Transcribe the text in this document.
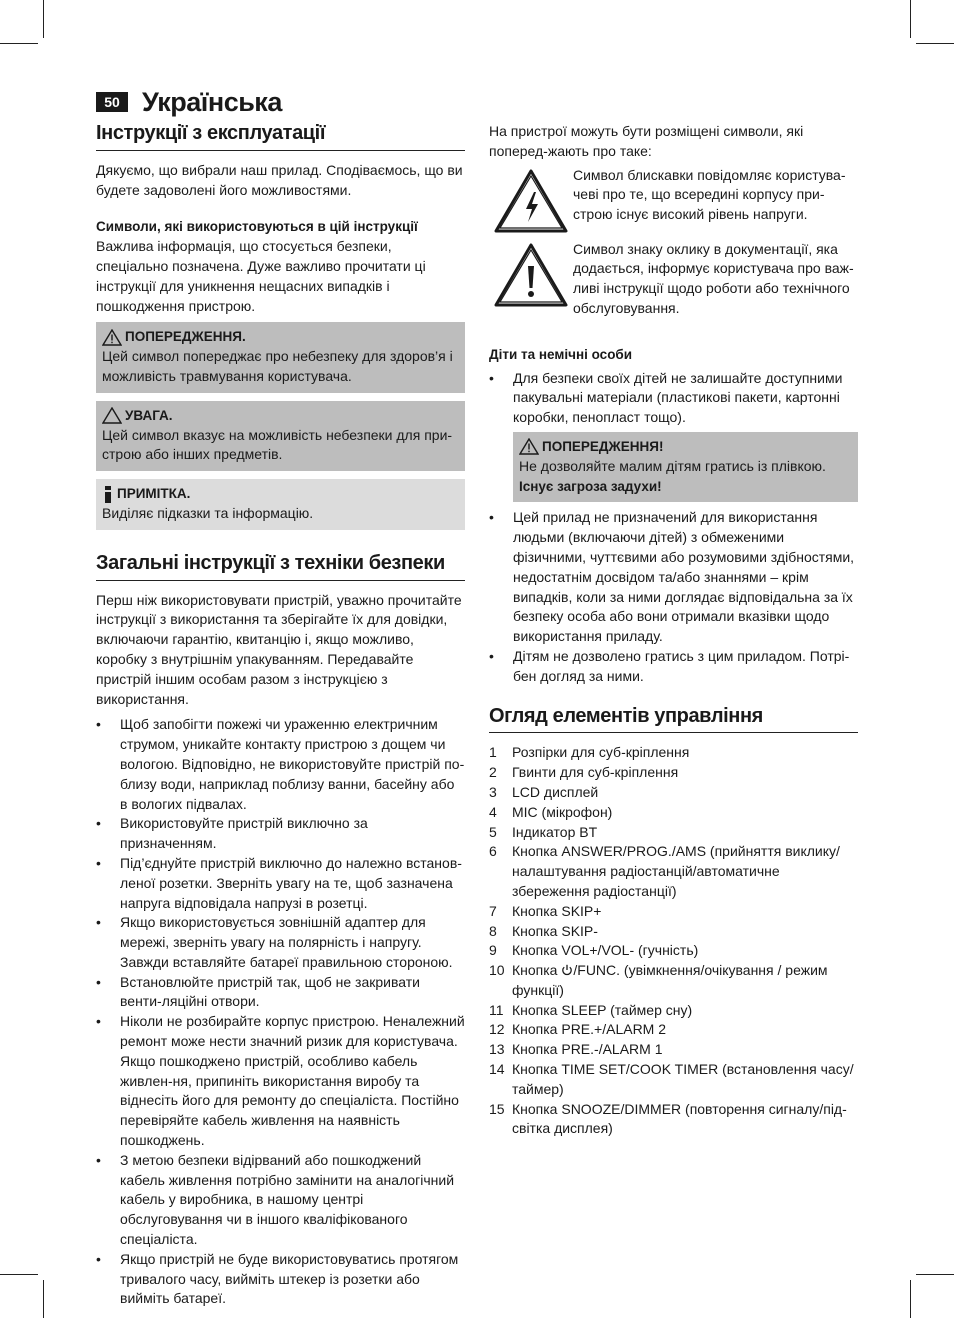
50 Українська
Інструкції з експлуатації

Дякуємо, що вибрали наш прилад. Сподіваємось, що ви будете задоволені його можливостями.

Символи, які використовуються в цій інструкції

Важлива інформація, що стосується безпеки, спеціально позначена. Дуже важливо прочитати ці інструкції для уникнення нещасних випадків і пошкодження пристрою.

ПОПЕРЕДЖЕННЯ.

Цей символ попереджає про небезпеку для здоров’я і можливість травмування користувача.

УВАГА.

Цей символ вказує на можливість небезпеки для при-строю або інших предметів.

ПРИМІТКА.

Виділяє підказки та інформацію.

Загальні інструкції з техніки безпеки

Перш ніж використовувати пристрій, уважно прочитайте інструкції з використання та зберігайте їх для довідки, включаючи гарантію, квитанцію і, якщо можливо, коробку з внутрішнім упакуванням. Передавайте пристрій іншим особам разом з інструкцією з використання.

• Щоб запобігти пожежі чи ураженню електричним струмом, уникайте контакту пристрою з дощем чи вологою. Відповідно, не використовуйте пристрій по-близу води, наприклад поблизу ванни, басейну або в вологих підвалах.
• Використовуйте пристрій виключно за призначенням.
• Під’єднуйте пристрій виключно до належно встанов-леної розетки. Зверніть увагу на те, щоб зазначена напруга відповідала напрузі в розетці.
• Якщо використовується зовнішній адаптер для мережі, зверніть увагу на полярність і напругу. Завжди вставляйте батареї правильною стороною.
• Встановлюйте пристрій так, щоб не закривати венти-ляційні отвори.
• Ніколи не розбирайте корпус пристрою. Неналежний ремонт може нести значний ризик для користувача. Якщо пошкоджено пристрій, особливо кабель живлен-ня, припиніть використання виробу та віднесіть його для ремонту до спеціаліста. Постійно перевіряйте кабель живлення на наявність пошкоджень.
• З метою безпеки відірваний або пошкоджений кабель живлення потрібно замінити на аналогічний кабель у виробника, в нашому центрі обслуговування чи в іншого кваліфікованого спеціаліста.
• Якщо пристрій не буде використовуватись протягом тривалого часу, вийміть штекер із розетки або вийміть батареї.

На пристрої можуть бути розміщені символи, які поперед-жають про таке:

Символ блискавки повідомляє користува-чеві про те, що всередині корпусу при-строю існує високий рівень напруги.

Символ знаку оклику в документації, яка додається, інформує користувача про важ-ливі інструкції щодо роботи або технічного обслуговування.

Діти та немічні особи

• Для безпеки своїх дітей не залишайте доступними пакувальні матеріали (пластикові пакети, картонні коробки, пенопласт тощо).
ПОПЕРЕДЖЕННЯ!

Не дозволяйте малим дітям гратись із плівкою.

Існує загроза задухи!

• Цей прилад не призначений для використання людьми (включаючи дітей) з обмеженими фізичними, чуттєвими або розумовими здібностями, недостатнім досвідом та/або знаннями – крім випадків, коли за ними доглядає відповідальна за їх безпеку особа або вони отримали вказівки щодо використання приладу.
• Дітям не дозволено гратись з цим приладом. Потрі-бен догляд за ними.
Огляд елементів управління
1	Розпірки для суб-кріплення
2	Гвинти для суб-кріплення
3	LCD дисплей
4	MIC (мікрофон)
5	Індикатор BT
6	Кнопка ANSWER/PROG./AMS (прийняття виклику/налаштування радіостанцій/автоматичне збереження радіостанції)
7	Кнопка SKIP+
8	Кнопка SKIP-
9	Кнопка VOL+/VOL- (гучність)
10 Кнопка /FUNC. (увімкнення/очікування / режим функції)
11 Кнопка SLEEP (таймер сну)
12 Кнопка PRE.+/ALARM 2
13 Кнопка PRE.-/ALARM 1
14 Кнопка TIME SET/COOK TIMER (встановлення часу/таймер)
15 Кнопка SNOOZE/DIMMER (повторення сигналу/під-світка дисплея)
